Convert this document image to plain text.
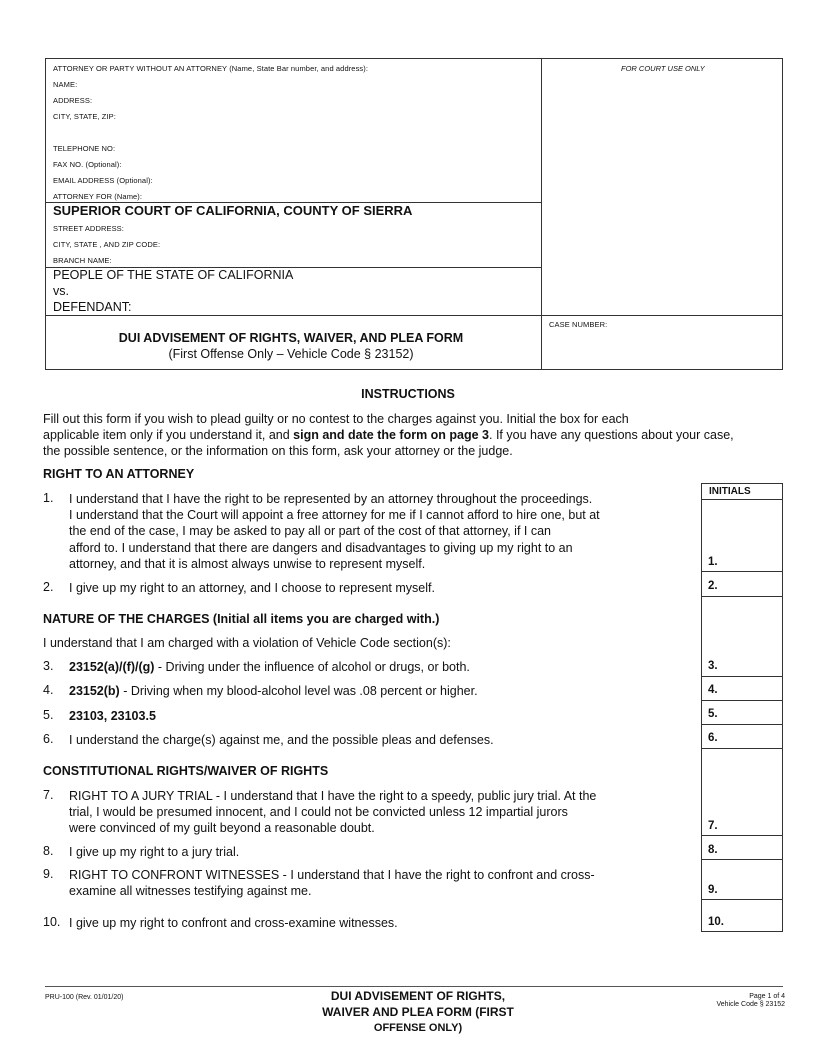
ATTORNEY OR PARTY WITHOUT AN ATTORNEY (Name, State Bar number, and address):	FOR COURT USE ONLY
NAME:
ADDRESS:
CITY, STATE, ZIP:
TELEPHONE NO:
FAX NO. (Optional):
EMAIL ADDRESS (Optional):
ATTORNEY FOR (Name):
SUPERIOR COURT OF CALIFORNIA, COUNTY OF SIERRA
STREET ADDRESS:
CITY, STATE , AND ZIP CODE:
BRANCH NAME:
PEOPLE OF THE STATE OF CALIFORNIA
vs.
DEFENDANT:
DUI ADVISEMENT OF RIGHTS, WAIVER, AND PLEA FORM
(First Offense Only – Vehicle Code § 23152)
CASE NUMBER:
INSTRUCTIONS
Fill out this form if you wish to plead guilty or no contest to the charges against you. Initial the box for each
applicable item only if you understand it, and sign and date the form on page 3. If you have any questions about your case,
the possible sentence, or the information on this form, ask your attorney or the judge.
RIGHT TO AN ATTORNEY
INITIALS
1. I understand that I have the right to be represented by an attorney throughout the proceedings.
I understand that the Court will appoint a free attorney for me if I cannot afford to hire one, but at
the end of the case, I may be asked to pay all or part of the cost of that attorney, if I can
afford to. I understand that there are dangers and disadvantages to giving up my right to an
attorney, and that it is almost always unwise to represent myself.	1.
2. I give up my right to an attorney, and I choose to represent myself.	2.
NATURE OF THE CHARGES (Initial all items you are charged with.)
I understand that I am charged with a violation of Vehicle Code section(s):
3. 23152(a)/(f)/(g) - Driving under the influence of alcohol or drugs, or both.	3.
4. 23152(b) - Driving when my blood-alcohol level was .08 percent or higher.	4.
5. 23103, 23103.5	5.
6. I understand the charge(s) against me, and the possible pleas and defenses.	6.
CONSTITUTIONAL RIGHTS/WAIVER OF RIGHTS
7. RIGHT TO A JURY TRIAL - I understand that I have the right to a speedy, public jury trial. At the
trial, I would be presumed innocent, and I could not be convicted unless 12 impartial jurors
were convinced of my guilt beyond a reasonable doubt.	7.
8. I give up my right to a jury trial.	8.
9. RIGHT TO CONFRONT WITNESSES - I understand that I have the right to confront and cross-
examine all witnesses testifying against me.	9.
10. I give up my right to confront and cross-examine witnesses.	10.
PRU-100 (Rev. 01/01/20)	DUI ADVISEMENT OF RIGHTS,
WAIVER AND PLEA FORM (FIRST
OFFENSE ONLY)
Page 1 of 4
Vehicle Code § 23152
